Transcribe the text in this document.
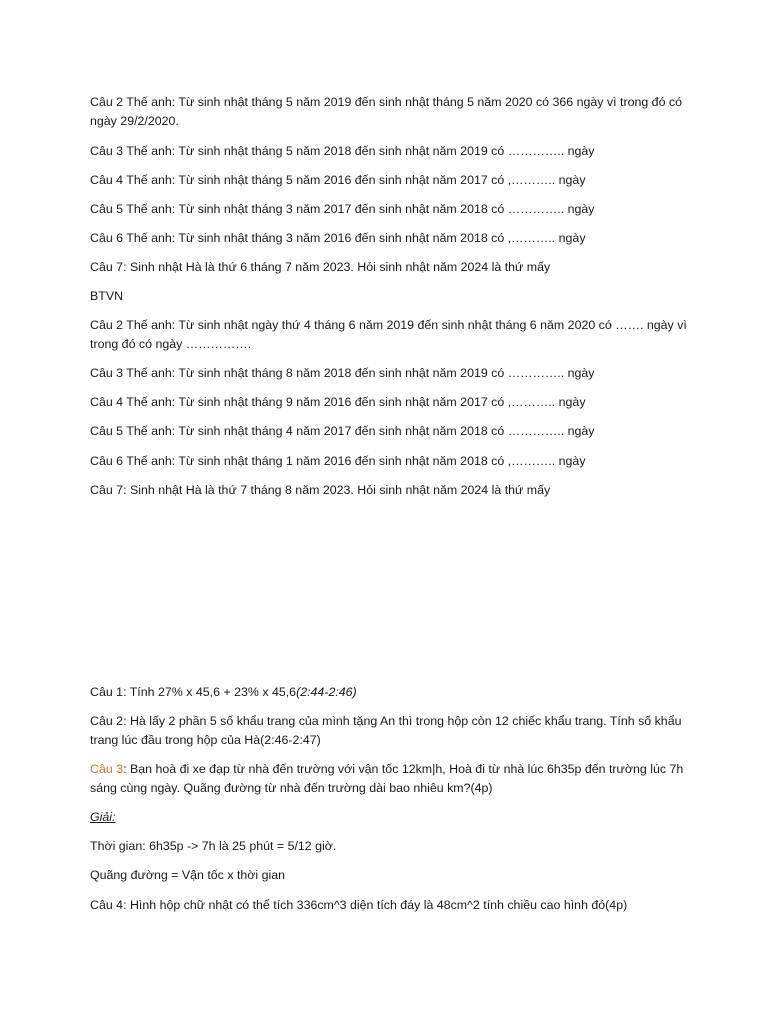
Câu 2 Thế anh: Từ sinh nhật tháng 5 năm 2019 đến sinh nhật tháng 5 năm 2020 có 366 ngày vì trong đó có ngày 29/2/2020.

Câu 3 Thế anh: Từ sinh nhật tháng 5 năm 2018 đến sinh nhật năm 2019 có ………….. ngày

Câu 4 Thế anh: Từ sinh nhật tháng 5 năm 2016 đến sinh nhật năm 2017 có ,……….. ngày

Câu 5 Thế anh: Từ sinh nhật tháng 3 năm 2017 đến sinh nhật năm 2018 có ………….. ngày

Câu 6 Thế anh: Từ sinh nhật tháng 3 năm 2016 đến sinh nhật năm 2018 có ,……….. ngày

Câu 7: Sinh nhật Hà là thứ 6 tháng 7 năm 2023. Hỏi sinh nhật năm 2024 là thứ mấy

BTVN

Câu 2 Thế anh: Từ sinh nhật ngày thứ 4 tháng 6 năm 2019 đến sinh nhật tháng 6 năm 2020 có ……. ngày vì trong đó có ngày …………….

Câu 3 Thế anh: Từ sinh nhật tháng 8 năm 2018 đến sinh nhật năm 2019 có ………….. ngày

Câu 4 Thế anh: Từ sinh nhật tháng 9 năm 2016 đến sinh nhật năm 2017 có ,……….. ngày

Câu 5 Thế anh: Từ sinh nhật tháng 4 năm 2017 đến sinh nhật năm 2018 có ………….. ngày

Câu 6 Thế anh: Từ sinh nhật tháng 1 năm 2016 đến sinh nhật năm 2018 có ,……….. ngày

Câu 7: Sinh nhật Hà là thứ 7 tháng 8 năm 2023. Hỏi sinh nhật năm 2024 là thứ mấy

Câu 1: Tính 27% x 45,6 + 23% x 45,6(2:44-2:46)

Câu 2: Hà lấy 2 phần 5 số khẩu trang của mình tặng An thì trong hộp còn 12 chiếc khẩu trang. Tính số khẩu trang lúc đầu trong hộp của Hà(2:46-2:47)

Câu 3: Bạn hoà đi xe đạp từ nhà đến trường với vận tốc 12km|h, Hoà đi từ nhà lúc 6h35p đến trường lúc 7h sáng cùng ngày. Quãng đường từ nhà đến trường dài bao nhiêu km?(4p)

Giải:

Thời gian: 6h35p -> 7h là 25 phút = 5/12 giờ.

Quãng đường = Vận tốc x thời gian

Câu 4: Hình hộp chữ nhật có thể tích 336cm^3 diện tích đáy là 48cm^2 tính chiều cao hình đó(4p)
